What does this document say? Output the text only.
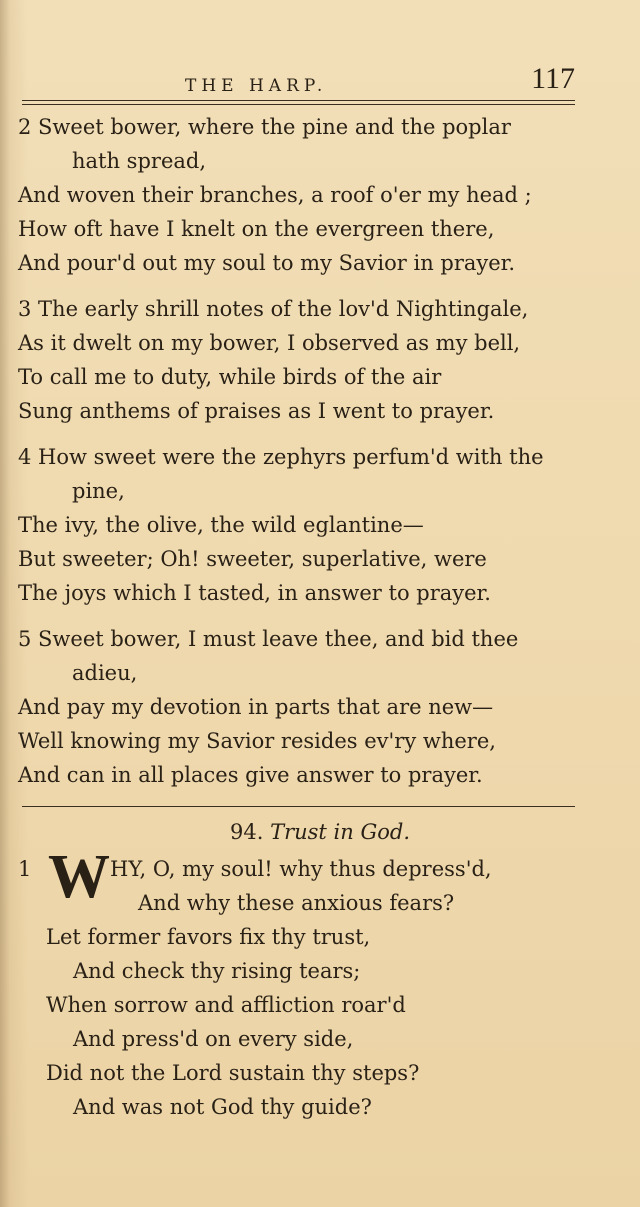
THE HARP.	117
2 Sweet bower, where the pine and the poplar
hath spread,
And woven their branches, a roof o'er my head ;
How oft have I knelt on the evergreen there,
And pour'd out my soul to my Savior in prayer.
3 The early shrill notes of the lov'd Nightingale,
As it dwelt on my bower, I observed as my bell,
To call me to duty, while birds of the air
Sung anthems of praises as I went to prayer.
4 How sweet were the zephyrs perfum'd with the
pine,
The ivy, the olive, the wild eglantine—
But sweeter; Oh! sweeter, superlative, were
The joys which I tasted, in answer to prayer.
5 Sweet bower, I must leave thee, and bid thee
adieu,
And pay my devotion in parts that are new—
Well knowing my Savior resides ev'ry where,
And can in all places give answer to prayer.
94. Trust in God.
1 W HY, O, my soul! why thus depress'd,
And why these anxious fears?
Let former favors fix thy trust,
And check thy rising tears;
When sorrow and affliction roar'd
And press'd on every side,
Did not the Lord sustain thy steps?
And was not God thy guide?
